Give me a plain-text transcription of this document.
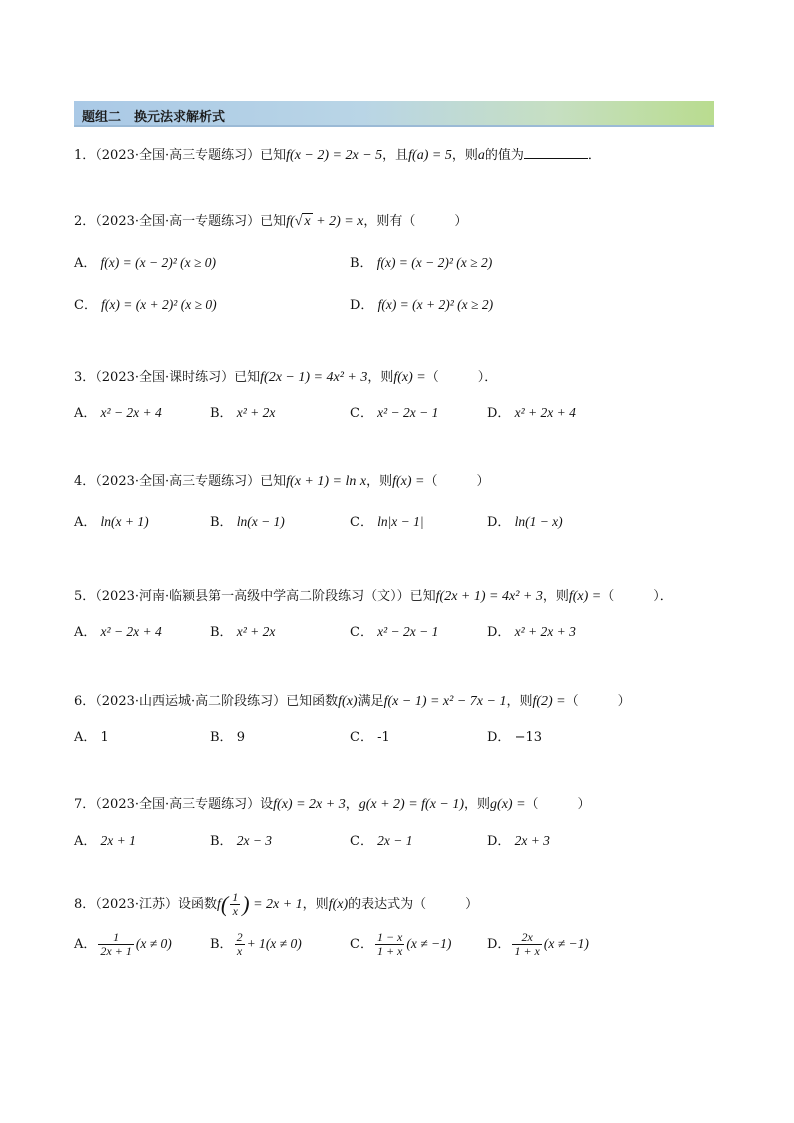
题组二　换元法求解析式
1．（2023·全国·高三专题练习）已知f(x − 2) = 2x − 5，且f(a) = 5，则a的值为	．
2．（2023·全国·高一专题练习）已知f(√ x + 2) = x，则有（　　　）
A． f(x) = (x − 2)² (x ≥ 0)	B． f(x) = (x − 2)² (x ≥ 2)
C． f(x) = (x + 2)² (x ≥ 0)	D． f(x) = (x + 2)² (x ≥ 2)
3．（2023·全国·课时练习）已知f(2x − 1) = 4x² + 3，则f(x) =（　　　）．
A． x² − 2x + 4	B． x² + 2x	C． x² − 2x − 1	D． x² + 2x + 4
4．（2023·全国·高三专题练习）已知f(x + 1) = ln x，则f(x) =（　　　）
A． ln(x + 1)	B． ln(x − 1)	C． ln|x − 1|	D． ln(1 − x)
5．（2023·河南·临颍县第一高级中学高二阶段练习（文））已知f(2x + 1) = 4x² + 3，则f(x) =（　　　）．
A． x² − 2x + 4	B． x² + 2x	C． x² − 2x − 1	D． x² + 2x + 3
6．（2023·山西运城·高二阶段练习）已知函数f(x)满足f(x − 1) = x² − 7x − 1，则f(2) =（　　　）
A． 1	B． 9	C． -1	D． −13
7．（2023·全国·高三专题练习）设f(x) = 2x + 3，g(x + 2) = f(x − 1)，则g(x) =（　　　）
A． 2x + 1	B． 2x − 3	C． 2x − 1	D． 2x + 3
8．（2023·江苏）设函数$f( \frac{1}{x}$ ) = 2x + 1，则f(x)的表达式为（　　　）
A． $\frac{1}{2x + 1} (x \ne 0)$	B． $\frac{2}{x} + 1(x \ne 0)$	C． $\frac{1 - x}{1 + x} (x \ne -1)$	D． $\frac{2x}{1 + x} (x \ne -1)$
